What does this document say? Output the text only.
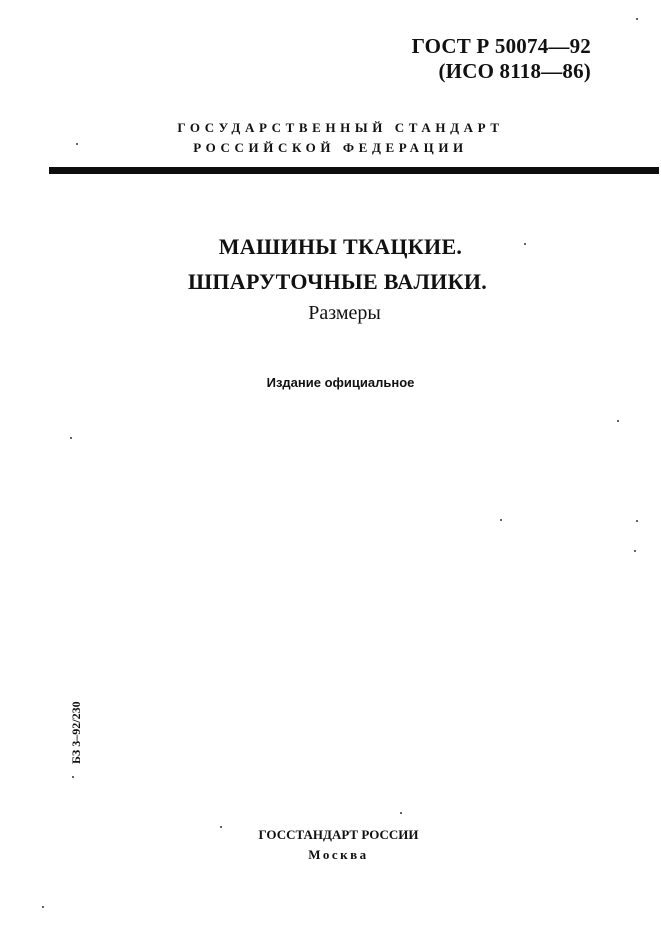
ГОСТ Р 50074—92
(ИСО 8118—86)
ГОСУДАРСТВЕННЫЙ СТАНДАРТ
РОССИЙСКОЙ ФЕДЕРАЦИИ
МАШИНЫ ТКАЦКИЕ.
ШПАРУТОЧНЫЕ ВАЛИКИ.
Размеры
Издание официальное
БЗ 3–92/230
ГОССТАНДАРТ РОССИИ
Москва
